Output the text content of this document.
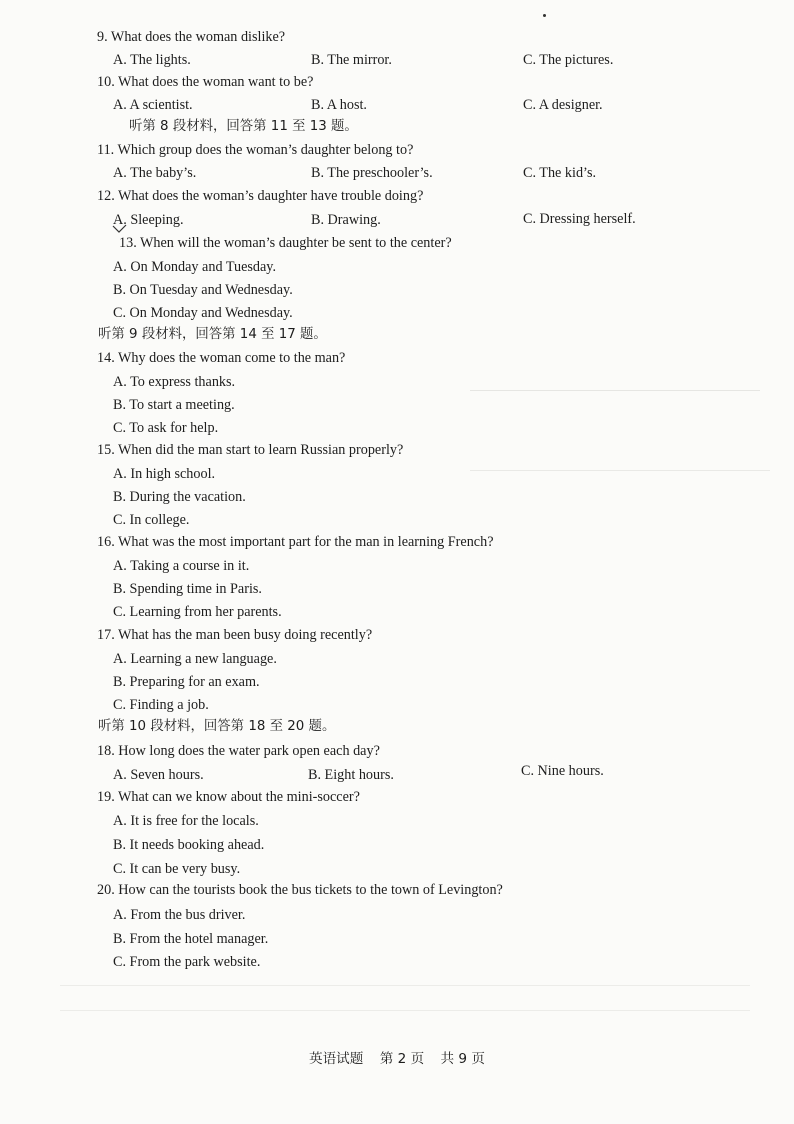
9. What does the woman dislike?
A. The lights.	B. The mirror.	C. The pictures.
10. What does the woman want to be?
A. A scientist.	B. A host.	C. A designer.
听第 8 段材料，回答第 11 至 13 题。
11. Which group does the woman’s daughter belong to?
A. The baby’s.	B. The preschooler’s.	C. The kid’s.
12. What does the woman’s daughter have trouble doing?
A. Sleeping.	B. Drawing.	C. Dressing herself.
13. When will the woman’s daughter be sent to the center?
A. On Monday and Tuesday.
B. On Tuesday and Wednesday.
C. On Monday and Wednesday.
听第 9 段材料，回答第 14 至 17 题。
14. Why does the woman come to the man?
A. To express thanks.
B. To start a meeting.
C. To ask for help.
15. When did the man start to learn Russian properly?
A. In high school.
B. During the vacation.
C. In college.
16. What was the most important part for the man in learning French?
A. Taking a course in it.
B. Spending time in Paris.
C. Learning from her parents.
17. What has the man been busy doing recently?
A. Learning a new language.
B. Preparing for an exam.
C. Finding a job.
听第 10 段材料，回答第 18 至 20 题。
18. How long does the water park open each day?
A. Seven hours.	B. Eight hours.	C. Nine hours.
19. What can we know about the mini-soccer?
A. It is free for the locals.
B. It needs booking ahead.
C. It can be very busy.
20. How can the tourists book the bus tickets to the town of Levington?
A. From the bus driver.
B. From the hotel manager.
C. From the park website.
英语试题 第 2 页 共 9 页
